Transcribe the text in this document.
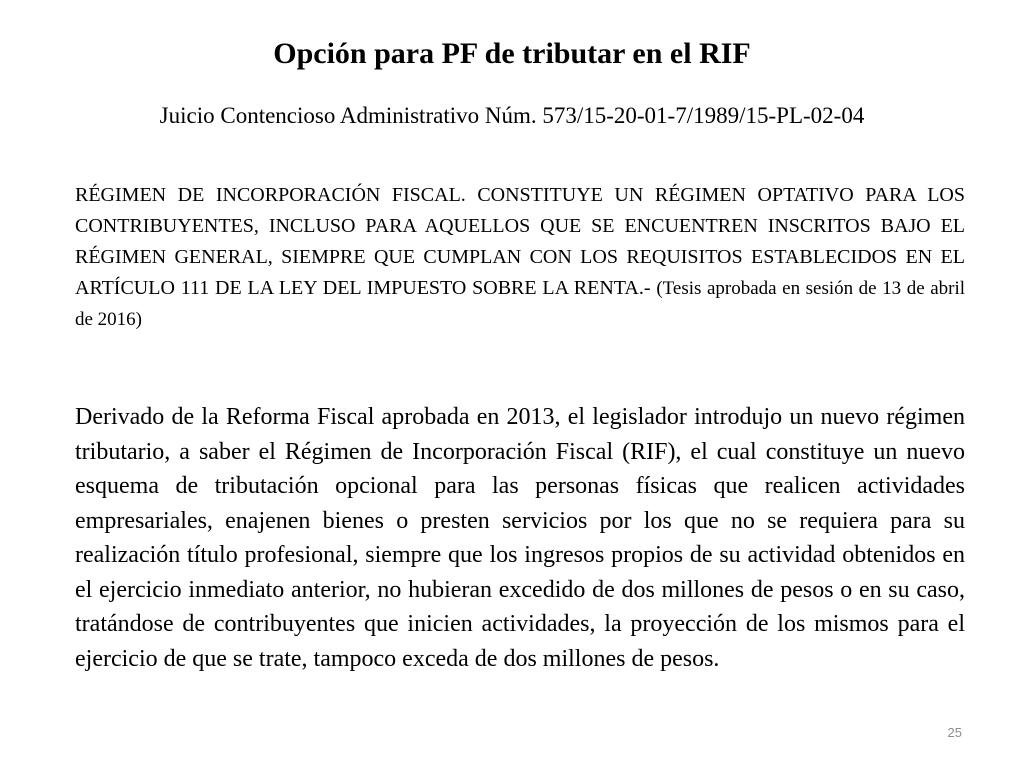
Opción para PF de tributar en el RIF

Juicio Contencioso Administrativo Núm. 573/15-20-01-7/1989/15-PL-02-04

RÉGIMEN DE INCORPORACIÓN FISCAL. CONSTITUYE UN RÉGIMEN OPTATIVO PARA LOS CONTRIBUYENTES, INCLUSO PARA AQUELLOS QUE SE ENCUENTREN INSCRITOS BAJO EL RÉGIMEN GENERAL, SIEMPRE QUE CUMPLAN CON LOS REQUISITOS ESTABLECIDOS EN EL ARTÍCULO 111 DE LA LEY DEL IMPUESTO SOBRE LA RENTA.- (Tesis aprobada en sesión de 13 de abril de 2016)

Derivado de la Reforma Fiscal aprobada en 2013, el legislador introdujo un nuevo régimen tributario, a saber el Régimen de Incorporación Fiscal (RIF), el cual constituye un nuevo esquema de tributación opcional para las personas físicas que realicen actividades empresariales, enajenen bienes o presten servicios por los que no se requiera para su realización título profesional, siempre que los ingresos propios de su actividad obtenidos en el ejercicio inmediato anterior, no hubieran excedido de dos millones de pesos o en su caso, tratándose de contribuyentes que inicien actividades, la proyección de los mismos para el ejercicio de que se trate, tampoco exceda de dos millones de pesos.

25
